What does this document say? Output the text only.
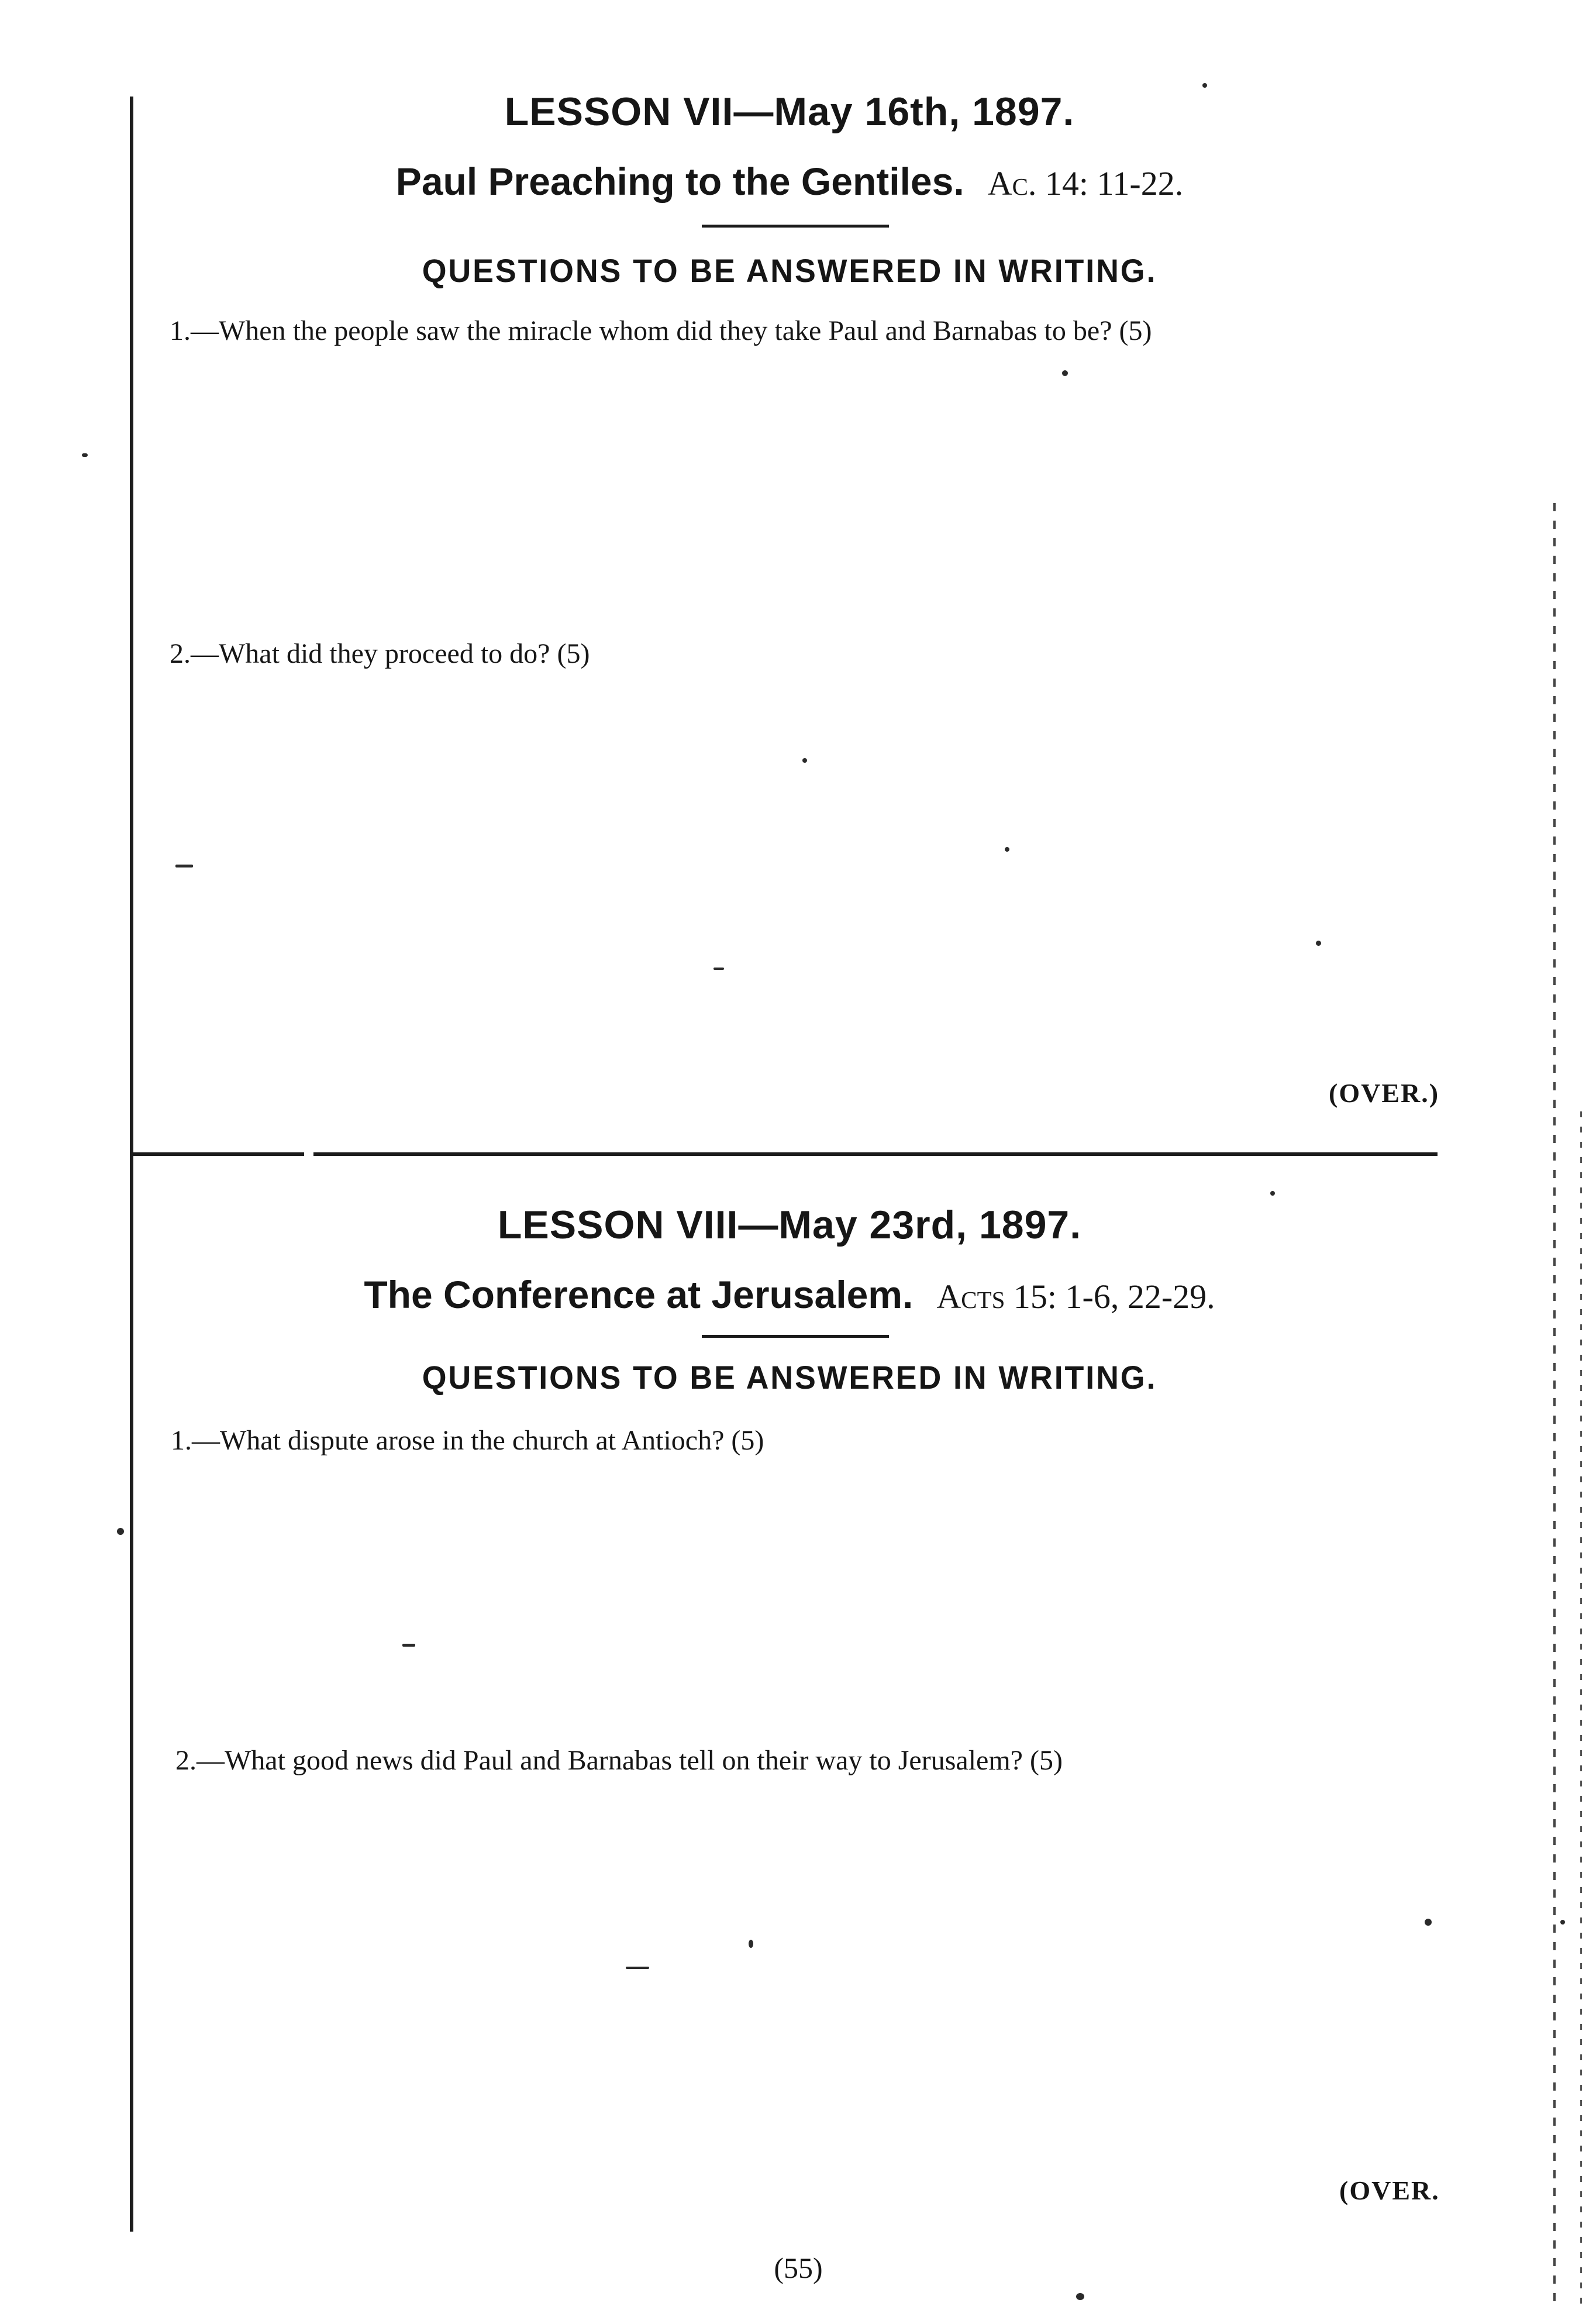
LESSON VII—May 16th, 1897.
Paul Preaching to the Gentiles. Ac. 14: 11-22.
QUESTIONS TO BE ANSWERED IN WRITING.
1.—When the people saw the miracle whom did they take Paul and Barnabas to be? (5)
2.—What did they proceed to do? (5)
(OVER.)
LESSON VIII—May 23rd, 1897.
The Conference at Jerusalem. Acts 15: 1-6, 22-29.
QUESTIONS TO BE ANSWERED IN WRITING.
1.—What dispute arose in the church at Antioch? (5)
2.—What good news did Paul and Barnabas tell on their way to Jerusalem? (5)
(OVER.
(55)
